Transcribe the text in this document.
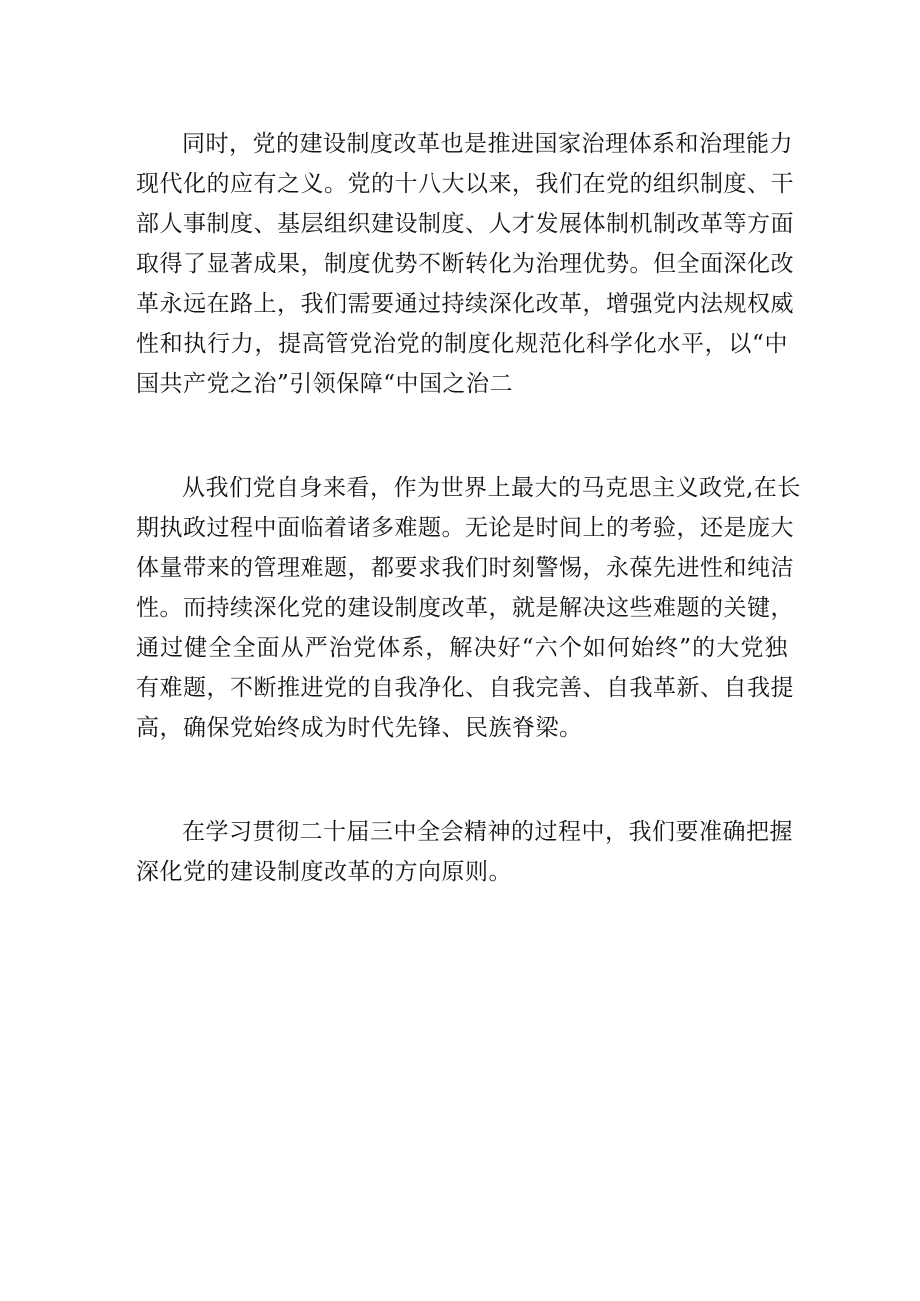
同时，党的建设制度改革也是推进国家治理体系和治理能力
现代化的应有之义。党的十八大以来，我们在党的组织制度、干
部人事制度、基层组织建设制度、人才发展体制机制改革等方面
取得了显著成果，制度优势不断转化为治理优势。但全面深化改
革永远在路上，我们需要通过持续深化改革，增强党内法规权威
性和执行力，提高管党治党的制度化规范化科学化水平，以“中
国共产党之治”引领保障“中国之治二
从我们党自身来看，作为世界上最大的马克思主义政党,在长
期执政过程中面临着诸多难题。无论是时间上的考验，还是庞大
体量带来的管理难题，都要求我们时刻警惕，永葆先进性和纯洁
性。而持续深化党的建设制度改革，就是解决这些难题的关键，
通过健全全面从严治党体系，解决好“六个如何始终”的大党独
有难题，不断推进党的自我净化、自我完善、自我革新、自我提
高，确保党始终成为时代先锋、民族脊梁。
在学习贯彻二十届三中全会精神的过程中，我们要准确把握
深化党的建设制度改革的方向原则。
